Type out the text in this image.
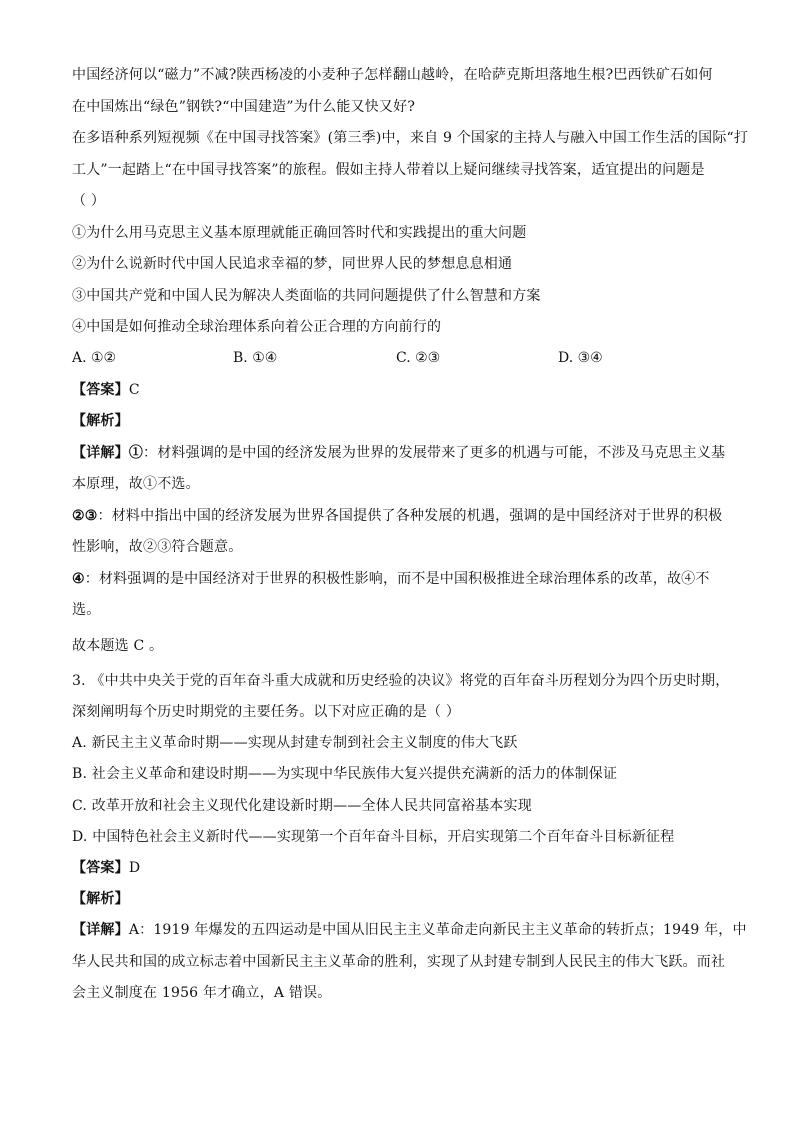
中国经济何以“磁力”不减?陕西杨凌的小麦种子怎样翻山越岭，在哈萨克斯坦落地生根?巴西铁矿石如何
在中国炼出“绿色”钢铁?“中国建造”为什么能又快又好?
在多语种系列短视频《在中国寻找答案》(第三季)中，来自 9 个国家的主持人与融入中国工作生活的国际“打
工人”一起踏上“在中国寻找答案”的旅程。假如主持人带着以上疑问继续寻找答案，适宜提出的问题是
（ ）
①为什么用马克思主义基本原理就能正确回答时代和实践提出的重大问题
②为什么说新时代中国人民追求幸福的梦，同世界人民的梦想息息相通
③中国共产党和中国人民为解决人类面临的共同问题提供了什么智慧和方案
④中国是如何推动全球治理体系向着公正合理的方向前行的
A. ①②	B. ①④	C. ②③	D. ③④
【答案】C
【解析】
【详解】①：材料强调的是中国的经济发展为世界的发展带来了更多的机遇与可能，不涉及马克思主义基
本原理，故①不选。
②③：材料中指出中国的经济发展为世界各国提供了各种发展的机遇，强调的是中国经济对于世界的积极
性影响，故②③符合题意。
④：材料强调的是中国经济对于世界的积极性影响，而不是中国积极推进全球治理体系的改革，故④不
选。
故本题选 C 。
3. 《中共中央关于党的百年奋斗重大成就和历史经验的决议》将党的百年奋斗历程划分为四个历史时期，
深刻阐明每个历史时期党的主要任务。以下对应正确的是（ ）
A. 新民主主义革命时期——实现从封建专制到社会主义制度的伟大飞跃
B. 社会主义革命和建设时期——为实现中华民族伟大复兴提供充满新的活力的体制保证
C. 改革开放和社会主义现代化建设新时期——全体人民共同富裕基本实现
D. 中国特色社会主义新时代——实现第一个百年奋斗目标，开启实现第二个百年奋斗目标新征程
【答案】D
【解析】
【详解】A：1919 年爆发的五四运动是中国从旧民主主义革命走向新民主主义革命的转折点；1949 年，中
华人民共和国的成立标志着中国新民主主义革命的胜利，实现了从封建专制到人民民主的伟大飞跃。而社
会主义制度在 1956 年才确立，A 错误。
